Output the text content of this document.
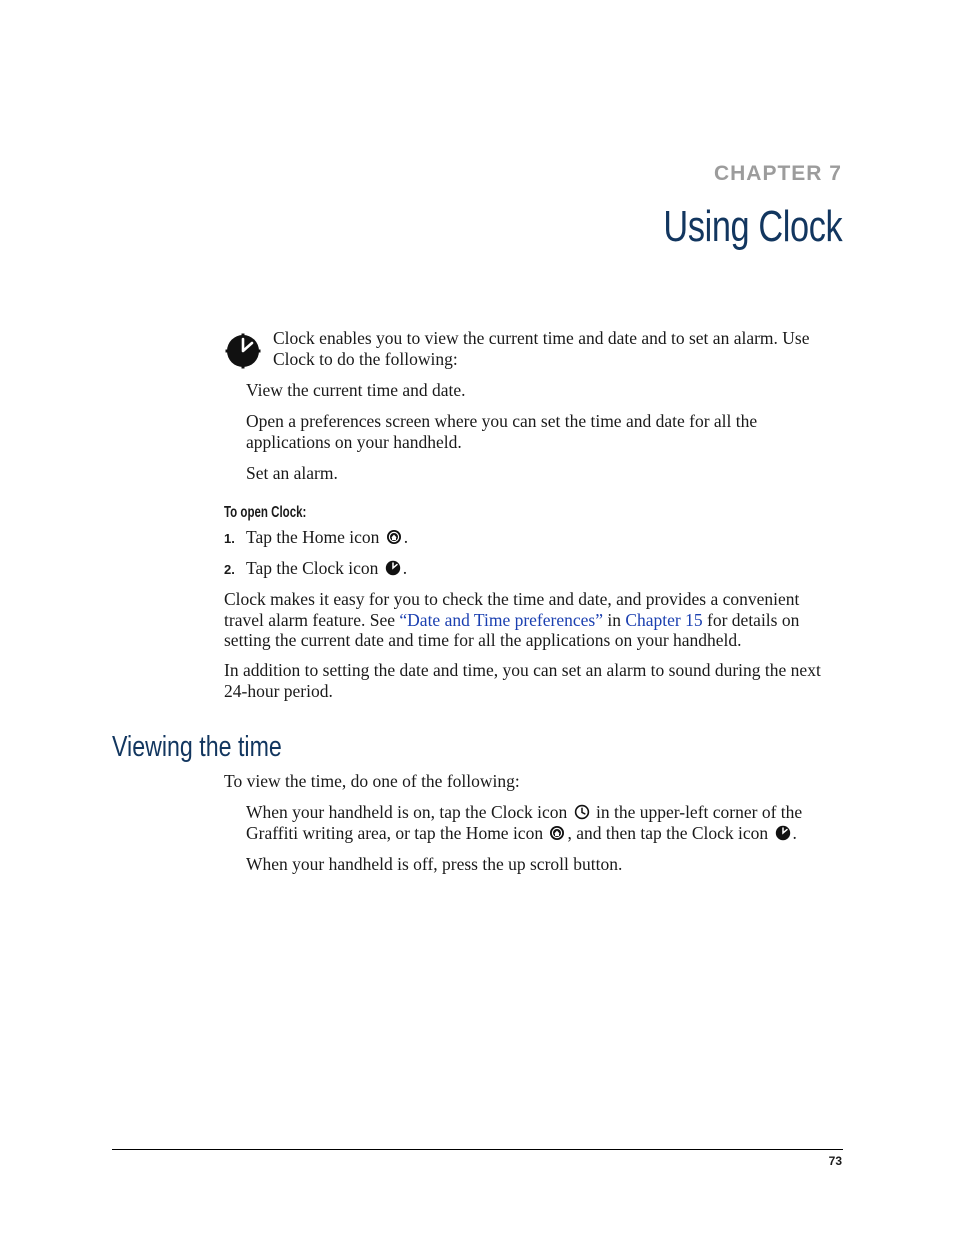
CHAPTER 7
Using Clock

Clock enables you to view the current time and date and to set an alarm. Use Clock to do the following:

View the current time and date.

Open a preferences screen where you can set the time and date for all the applications on your handheld.

Set an alarm.

To open Clock:
1. Tap the Home icon .

2. Tap the Clock icon .

Clock makes it easy for you to check the time and date, and provides a convenient travel alarm feature. See “Date and Time preferences” in Chapter 15 for details on setting the current date and time for all the applications on your handheld.

In addition to setting the date and time, you can set an alarm to sound during the next 24-hour period.

Viewing the time

To view the time, do one of the following:

When your handheld is on, tap the Clock icon in the upper-left corner of the Graffiti writing area, or tap the Home icon , and then tap the Clock icon .

When your handheld is off, press the up scroll button.

73
